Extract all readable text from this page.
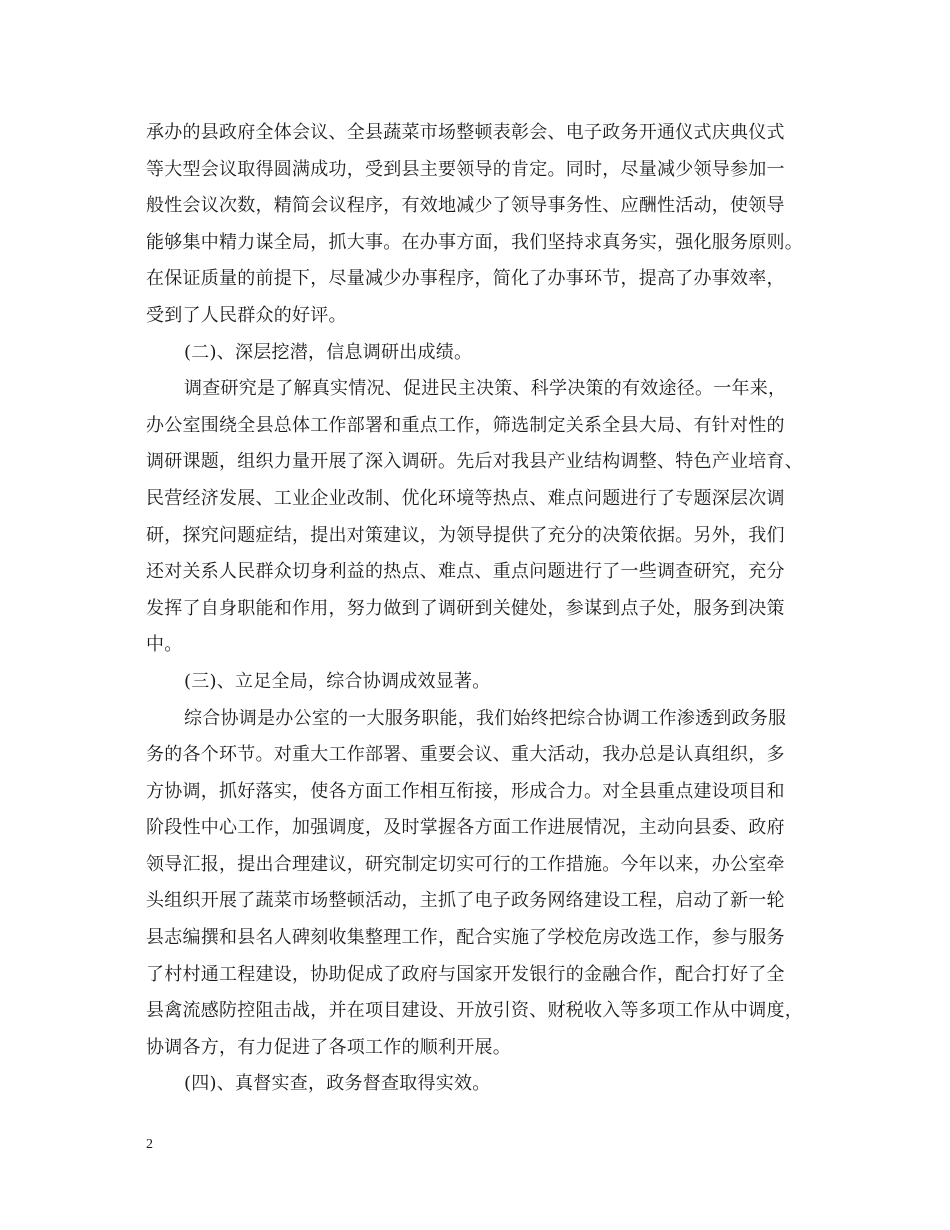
承办的县政府全体会议、全县蔬菜市场整顿表彰会、电子政务开通仪式庆典仪式
等大型会议取得圆满成功，受到县主要领导的肯定。同时，尽量减少领导参加一
般性会议次数，精简会议程序，有效地减少了领导事务性、应酬性活动，使领导
能够集中精力谋全局，抓大事。在办事方面，我们坚持求真务实，强化服务原则。
在保证质量的前提下，尽量减少办事程序，简化了办事环节，提高了办事效率，
受到了人民群众的好评。
(二)、深层挖潜，信息调研出成绩。
调查研究是了解真实情况、促进民主决策、科学决策的有效途径。一年来，
办公室围绕全县总体工作部署和重点工作，筛选制定关系全县大局、有针对性的
调研课题，组织力量开展了深入调研。先后对我县产业结构调整、特色产业培育、
民营经济发展、工业企业改制、优化环境等热点、难点问题进行了专题深层次调
研，探究问题症结，提出对策建议，为领导提供了充分的决策依据。另外，我们
还对关系人民群众切身利益的热点、难点、重点问题进行了一些调查研究，充分
发挥了自身职能和作用，努力做到了调研到关健处，参谋到点子处，服务到决策
中。
(三)、立足全局，综合协调成效显著。
综合协调是办公室的一大服务职能，我们始终把综合协调工作渗透到政务服
务的各个环节。对重大工作部署、重要会议、重大活动，我办总是认真组织，多
方协调，抓好落实，使各方面工作相互衔接，形成合力。对全县重点建设项目和
阶段性中心工作，加强调度，及时掌握各方面工作进展情况，主动向县委、政府
领导汇报，提出合理建议，研究制定切实可行的工作措施。今年以来，办公室牵
头组织开展了蔬菜市场整顿活动，主抓了电子政务网络建设工程，启动了新一轮
县志编撰和县名人碑刻收集整理工作，配合实施了学校危房改选工作，参与服务
了村村通工程建设，协助促成了政府与国家开发银行的金融合作，配合打好了全
县禽流感防控阻击战，并在项目建设、开放引资、财税收入等多项工作从中调度，
协调各方，有力促进了各项工作的顺利开展。
(四)、真督实查，政务督查取得实效。
2
